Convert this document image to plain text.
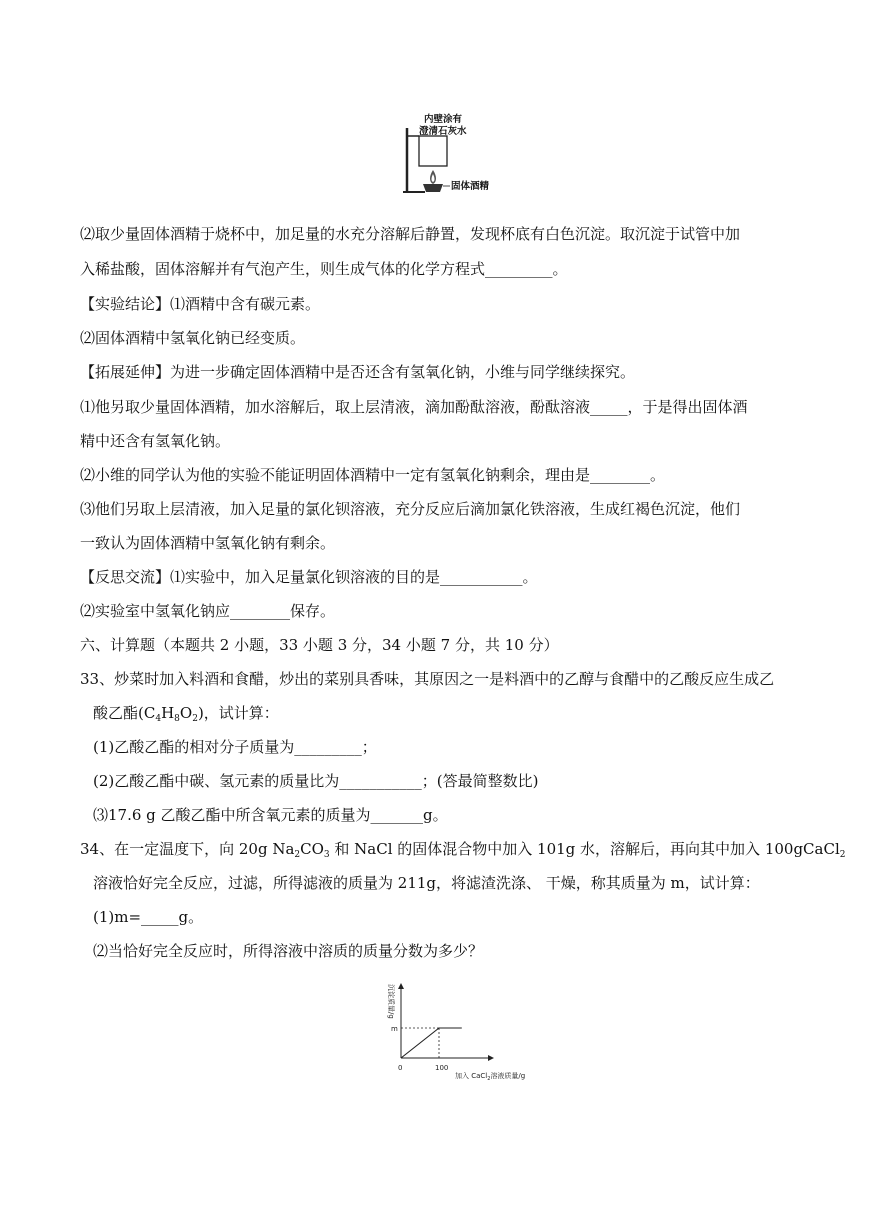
内壁涂有
澄清石灰水
固体酒精
⑵取少量固体酒精于烧杯中，加足量的水充分溶解后静置，发现杯底有白色沉淀。取沉淀于试管中加
入稀盐酸，固体溶解并有气泡产生，则生成气体的化学方程式_________。
【实验结论】⑴酒精中含有碳元素。
⑵固体酒精中氢氧化钠已经变质。
【拓展延伸】为进一步确定固体酒精中是否还含有氢氧化钠，小维与同学继续探究。
⑴他另取少量固体酒精，加水溶解后，取上层清液，滴加酚酞溶液，酚酞溶液_____，于是得出固体酒
精中还含有氢氧化钠。
⑵小维的同学认为他的实验不能证明固体酒精中一定有氢氧化钠剩余，理由是________。
⑶他们另取上层清液，加入足量的氯化钡溶液，充分反应后滴加氯化铁溶液，生成红褐色沉淀，他们
一致认为固体酒精中氢氧化钠有剩余。
【反思交流】⑴实验中，加入足量氯化钡溶液的目的是___________。
⑵实验室中氢氧化钠应________保存。
六、计算题（本题共 2 小题，33 小题 3 分，34 小题 7 分，共 10 分）
33、炒菜时加入料酒和食醋，炒出的菜别具香味，其原因之一是料酒中的乙醇与食醋中的乙酸反应生成乙
酸乙酯$(C_4H_8O_2)$，试计算：
(1)乙酸乙酯的相对分子质量为_________；
(2)乙酸乙酯中碳、氢元素的质量比为___________；(答最简整数比)
⑶17.6 g 乙酸乙酯中所含氧元素的质量为_______g。
34、在一定温度下，向 20g $Na_2CO_3$ 和 NaCl 的固体混合物中加入 101g 水，溶解后，再向其中加入 100gCaCl$_2$
溶液恰好完全反应，过滤，所得滤液的质量为 211g，将滤渣洗涤、 干燥，称其质量为 m，试计算：
(1)m=_____g。
⑵当恰好完全反应时，所得溶液中溶质的质量分数为多少？
沉淀质量/g
0	100
m
加入 CaCl$_2$溶液质量/g
